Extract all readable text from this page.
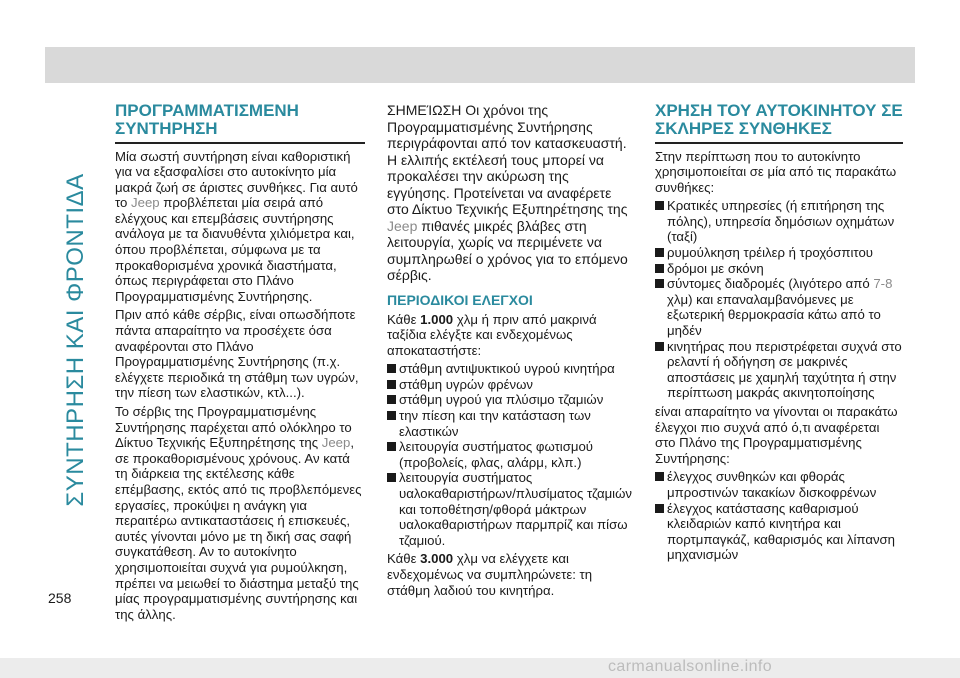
ΣΥΝΤΗΡΗΣΗ ΚΑΙ ΦΡΟΝΤΙΔΑ
ΠΡΟΓΡΑΜΜΑΤΙΣΜΕΝΗ ΣΥΝΤΗΡΗΣΗ

Μία σωστή συντήρηση είναι καθοριστική για να εξασφαλίσει στο αυτοκίνητο μία μακρά ζωή σε άριστες συνθήκες. Για αυτό το Jeep προβλέπεται μία σειρά από ελέγχους και επεμβάσεις συντήρησης ανάλογα με τα διανυθέντα χιλιόμετρα και, όπου προβλέπεται, σύμφωνα με τα προκαθορισμένα χρονικά διαστήματα, όπως περιγράφεται στο Πλάνο Προγραμματισμένης Συντήρησης.

Πριν από κάθε σέρβις, είναι οπωσδήποτε πάντα απαραίτητο να προσέχετε όσα αναφέρονται στο Πλάνο Προγραμματισμένης Συντήρησης (π.χ. ελέγχετε περιοδικά τη στάθμη των υγρών, την πίεση των ελαστικών, κτλ...).

Το σέρβις της Προγραμματισμένης Συντήρησης παρέχεται από ολόκληρο το Δίκτυο Τεχνικής Εξυπηρέτησης της Jeep, σε προκαθορισμένους χρόνους. Αν κατά τη διάρκεια της εκτέλεσης κάθε επέμβασης, εκτός από τις προβλεπόμενες εργασίες, προκύψει η ανάγκη για περαιτέρω αντικαταστάσεις ή επισκευές, αυτές γίνονται μόνο με τη δική σας σαφή συγκατάθεση. Αν το αυτοκίνητο χρησιμοποιείται συχνά για ρυμούλκηση, πρέπει να μειωθεί το διάστημα μεταξύ της μίας προγραμματισμένης συντήρησης και της άλλης.

ΣΗΜΕΊΩΣΗ Οι χρόνοι της Προγραμματισμένης Συντήρησης περιγράφονται από τον κατασκευαστή. Η ελλιπής εκτέλεσή τους μπορεί να προκαλέσει την ακύρωση της εγγύησης. Προτείνεται να αναφέρετε στο Δίκτυο Τεχνικής Εξυπηρέτησης της Jeep πιθανές μικρές βλάβες στη λειτουργία, χωρίς να περιμένετε να συμπληρωθεί ο χρόνος για το επόμενο σέρβις.

ΠΕΡΙΟΔΙΚΟΙ ΕΛΕΓΧΟΙ

Κάθε 1.000 χλμ ή πριν από μακρινά ταξίδια ελέγξτε και ενδεχομένως αποκαταστήστε:

στάθμη αντιψυκτικού υγρού κινητήρα
στάθμη υγρών φρένων
στάθμη υγρού για πλύσιμο τζαμιών
την πίεση και την κατάσταση των ελαστικών
λειτουργία συστήματος φωτισμού (προβολείς, φλας, αλάρμ, κλπ.)
λειτουργία συστήματος υαλοκαθαριστήρων/πλυσίματος τζαμιών και τοποθέτηση/φθορά μάκτρων υαλοκαθαριστήρων παρμπρίζ και πίσω τζαμιού.

Κάθε 3.000 χλμ να ελέγχετε και ενδεχομένως να συμπληρώνετε: τη στάθμη λαδιού του κινητήρα.

ΧΡΗΣΗ ΤΟΥ ΑΥΤΟΚΙΝΗΤΟΥ ΣΕ ΣΚΛΗΡΕΣ ΣΥΝΘΗΚΕΣ

Στην περίπτωση που το αυτοκίνητο χρησιμοποιείται σε μία από τις παρακάτω συνθήκες:

Κρατικές υπηρεσίες (ή επιτήρηση της πόλης), υπηρεσία δημόσιων οχημάτων (ταξί)
ρυμούλκηση τρέιλερ ή τροχόσπιτου
δρόμοι με σκόνη
σύντομες διαδρομές (λιγότερο από 7-8 χλμ) και επαναλαμβανόμενες με εξωτερική θερμοκρασία κάτω από το μηδέν
κινητήρας που περιστρέφεται συχνά στο ρελαντί ή οδήγηση σε μακρινές αποστάσεις με χαμηλή ταχύτητα ή στην περίπτωση μακράς ακινητοποίησης

είναι απαραίτητο να γίνονται οι παρακάτω έλεγχοι πιο συχνά από ό,τι αναφέρεται στο Πλάνο της Προγραμματισμένης Συντήρησης:

έλεγχος συνθηκών και φθοράς μπροστινών τακακίων δισκοφρένων
έλεγχος κατάστασης καθαρισμού κλειδαριών καπό κινητήρα και πορτμπαγκάζ, καθαρισμός και λίπανση μηχανισμών
258
carmanualsonline.info
